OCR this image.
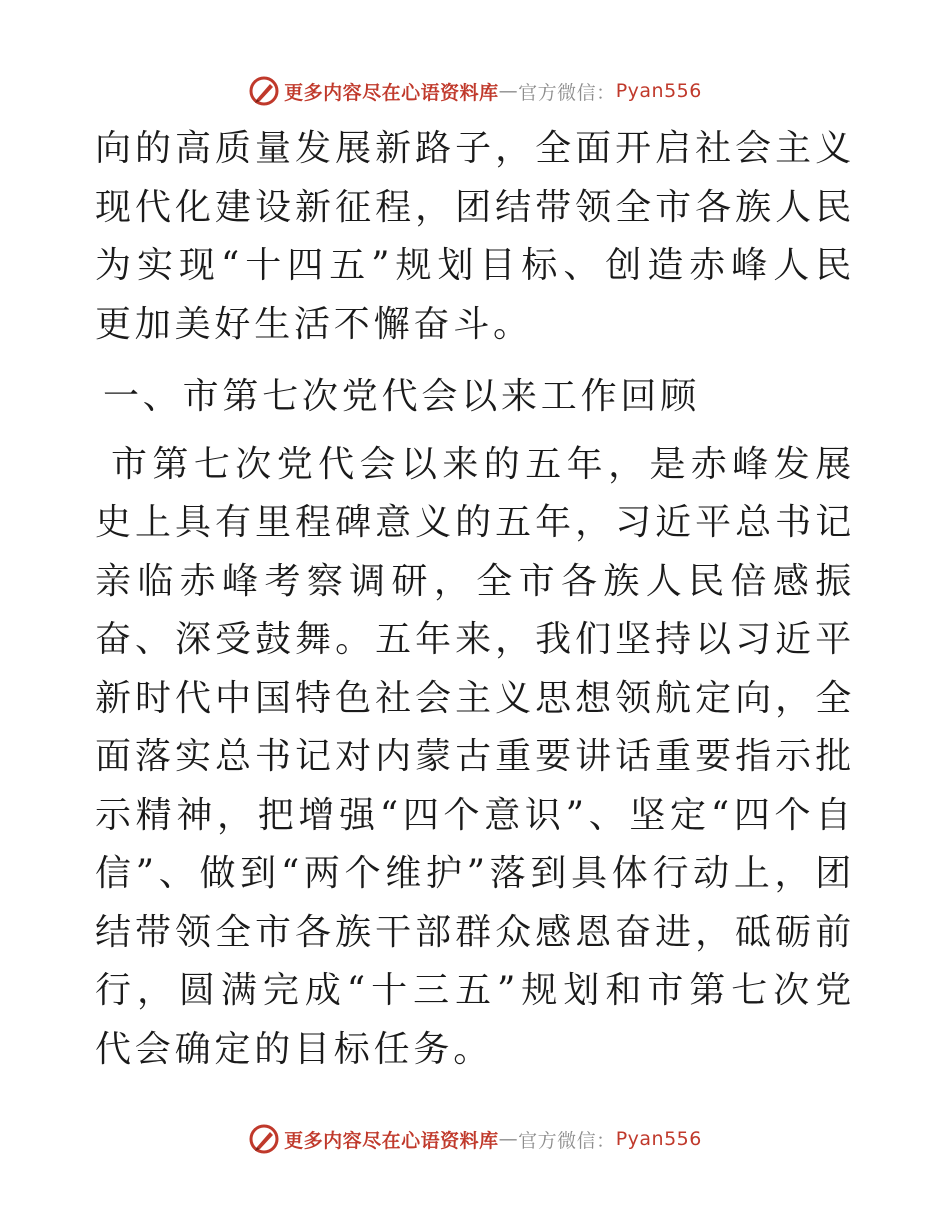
更多内容尽在心语资料库 — 官方微信： Pyan556

向的高质量发展新路子，全面开启社会主义现代化建设新征程，团结带领全市各族人民为实现“十四五”规划目标、创造赤峰人民更加美好生活不懈奋斗。

一、市第七次党代会以来工作回顾

市第七次党代会以来的五年，是赤峰发展史上具有里程碑意义的五年，习近平总书记亲临赤峰考察调研，全市各族人民倍感振奋、深受鼓舞。五年来，我们坚持以习近平新时代中国特色社会主义思想领航定向，全面落实总书记对内蒙古重要讲话重要指示批示精神，把增强“四个意识”、坚定“四个自信”、做到“两个维护”落到具体行动上，团结带领全市各族干部群众感恩奋进，砥砺前行，圆满完成“十三五”规划和市第七次党代会确定的目标任务。

更多内容尽在心语资料库 — 官方微信： Pyan556
